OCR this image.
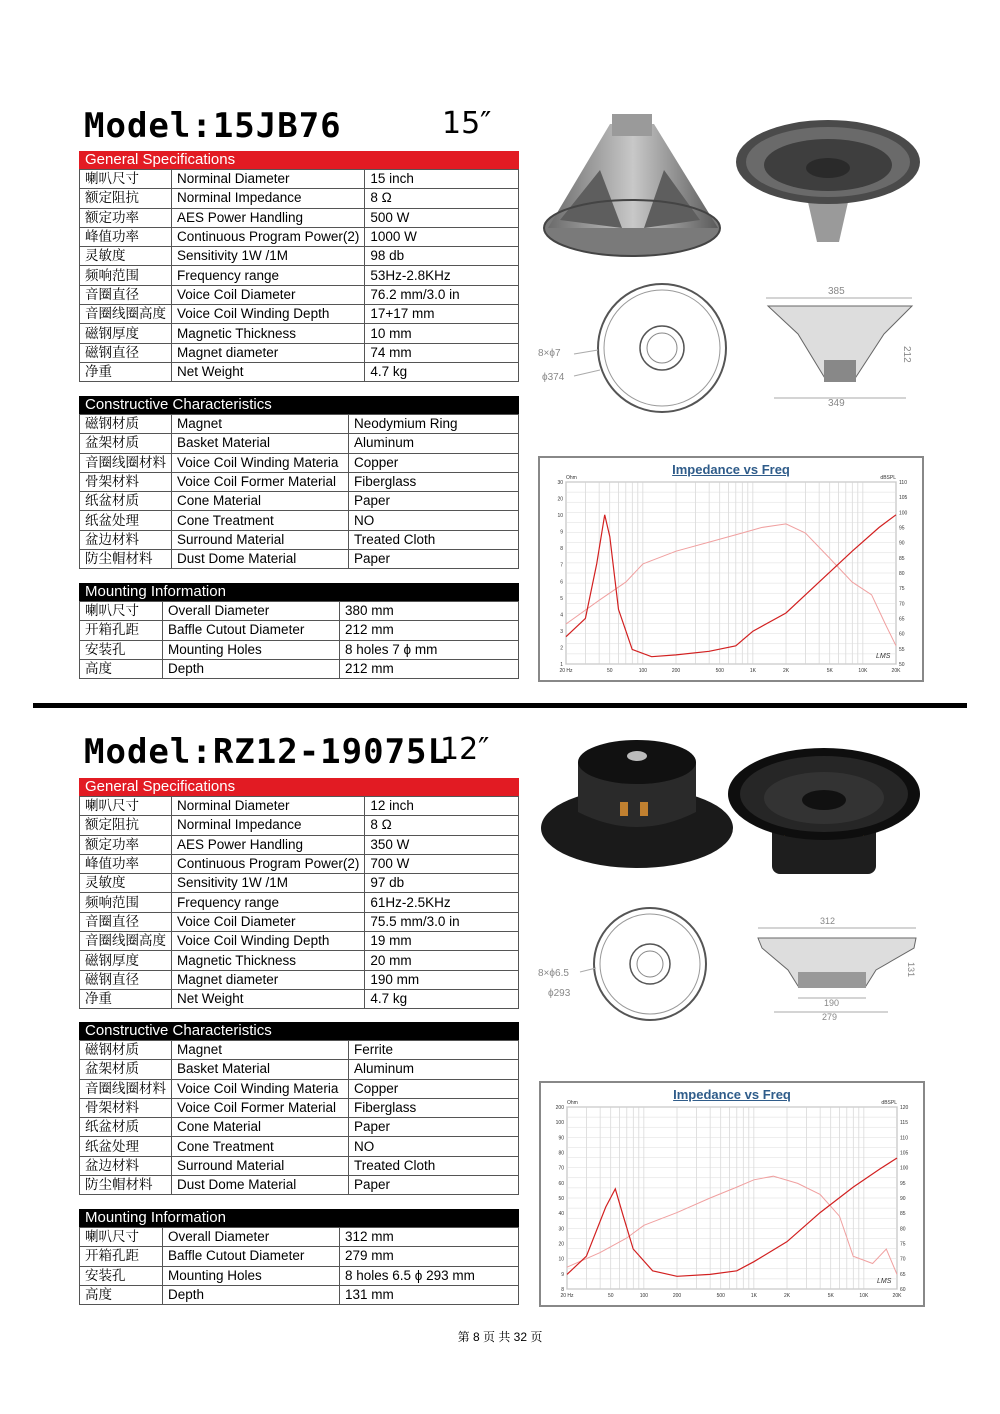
Model:15JB76	15″
General Specifications
喇叭尺寸	Norminal Diameter	15 inch
额定阻抗	Norminal Impedance	8 Ω
额定功率	AES Power Handling	500 W
峰值功率	Continuous Program Power(2)	1000 W
灵敏度	Sensitivity 1W /1M	98 db
频响范围	Frequency range	53Hz-2.8KHz
音圈直径	Voice Coil Diameter	76.2 mm/3.0 in
音圈线圈高度	Voice Coil Winding Depth	17+17 mm
磁钢厚度	Magnetic Thickness	10 mm
磁钢直径	Magnet diameter	74 mm
净重	Net Weight	4.7 kg
Constructive Characteristics
磁钢材质	Magnet	Neodymium Ring
盆架材质	Basket Material	Aluminum
音圈线圈材料	Voice Coil Winding Materia	Copper
骨架材料	Voice Coil Former Material	Fiberglass
纸盆材质	Cone Material	Paper
纸盆处理	Cone Treatment	NO
盆边材料	Surround Material	Treated Cloth
防尘帽材料	Dust Dome Material	Paper
Mounting Information
喇叭尺寸	Overall Diameter	380 mm
开箱孔距	Baffle Cutout Diameter	212 mm
安装孔	Mounting Holes	8 holes 7 ϕ mm
高度	Depth	212 mm
8×ϕ7
ϕ374
385
212
349
Impedance vs Freq
30
20
10
9
8
7
6
5
4
3
2
1
110
105
100
95
90
85
80
75
70
65
60
55
50
20 Hz	50	100	200	500	1K	2K	5K	10K	20K
Ohm	dBSPL
LMS
Model:RZ12-19075L
12″
General Specifications
喇叭尺寸	Norminal Diameter	12 inch
额定阻抗	Norminal Impedance	8 Ω
额定功率	AES Power Handling	350 W
峰值功率	Continuous Program Power(2)	700 W
灵敏度	Sensitivity 1W /1M	97 db
频响范围	Frequency range	61Hz-2.5KHz
音圈直径	Voice Coil Diameter	75.5 mm/3.0 in
音圈线圈高度	Voice Coil Winding Depth	19 mm
磁钢厚度	Magnetic Thickness	20 mm
磁钢直径	Magnet diameter	190 mm
净重	Net Weight	4.7 kg
Constructive Characteristics
磁钢材质	Magnet	Ferrite
盆架材质	Basket Material	Aluminum
音圈线圈材料	Voice Coil Winding Materia	Copper
骨架材料	Voice Coil Former Material	Fiberglass
纸盆材质	Cone Material	Paper
纸盆处理	Cone Treatment	NO
盆边材料	Surround Material	Treated Cloth
防尘帽材料	Dust Dome Material	Paper
Mounting Information
喇叭尺寸	Overall Diameter	312 mm
开箱孔距	Baffle Cutout Diameter	279 mm
安装孔	Mounting Holes	8 holes 6.5 ϕ 293 mm
高度	Depth	131 mm
8×ϕ6.5
ϕ293
312
131
190
279
Impedance vs Freq
200
100
90
80
70
60
50
40
30
20
10
9
8
120
115
110
105
100
95
90
85
80
75
70
65
60
20 Hz	50	100	200	500	1K	2K	5K	10K	20K
Ohm	dBSPL
LMS
第 8 页 共 32 页
